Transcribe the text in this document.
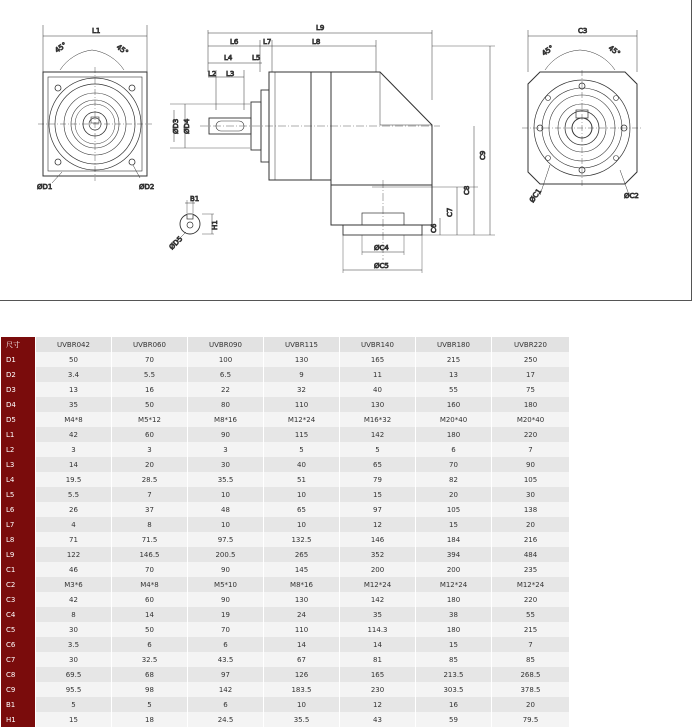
L1
45°	45°
ØD1	ØD2
L9
L6	L7	L8
L4	L5
L2 L3
ØD3 ØD4
C9
C8
C7
C6
ØC4
ØC5
B1
H1
ØD5
C3
45°	45°
ØC1	ØC2
尺寸	UVBR042	UVBR060	UVBR090	UVBR115	UVBR140	UVBR180	UVBR220
D1	50	70	100	130	165	215	250
D2	3.4	5.5	6.5	9	11	13	17
D3	13	16	22	32	40	55	75
D4	35	50	80	110	130	160	180
D5	M4*8	M5*12	M8*16	M12*24	M16*32	M20*40	M20*40
L1	42	60	90	115	142	180	220
L2	3	3	3	5	5	6	7
L3	14	20	30	40	65	70	90
L4	19.5	28.5	35.5	51	79	82	105
L5	5.5	7	10	10	15	20	30
L6	26	37	48	65	97	105	138
L7	4	8	10	10	12	15	20
L8	71	71.5	97.5	132.5	146	184	216
L9	122	146.5	200.5	265	352	394	484
C1	46	70	90	145	200	200	235
C2	M3*6	M4*8	M5*10	M8*16	M12*24	M12*24	M12*24
C3	42	60	90	130	142	180	220
C4	8	14	19	24	35	38	55
C5	30	50	70	110	114.3	180	215
C6	3.5	6	6	14	14	15	7
C7	30	32.5	43.5	67	81	85	85
C8	69.5	68	97	126	165	213.5	268.5
C9	95.5	98	142	183.5	230	303.5	378.5
B1	5	5	6	10	12	16	20
H1	15	18	24.5	35.5	43	59	79.5
